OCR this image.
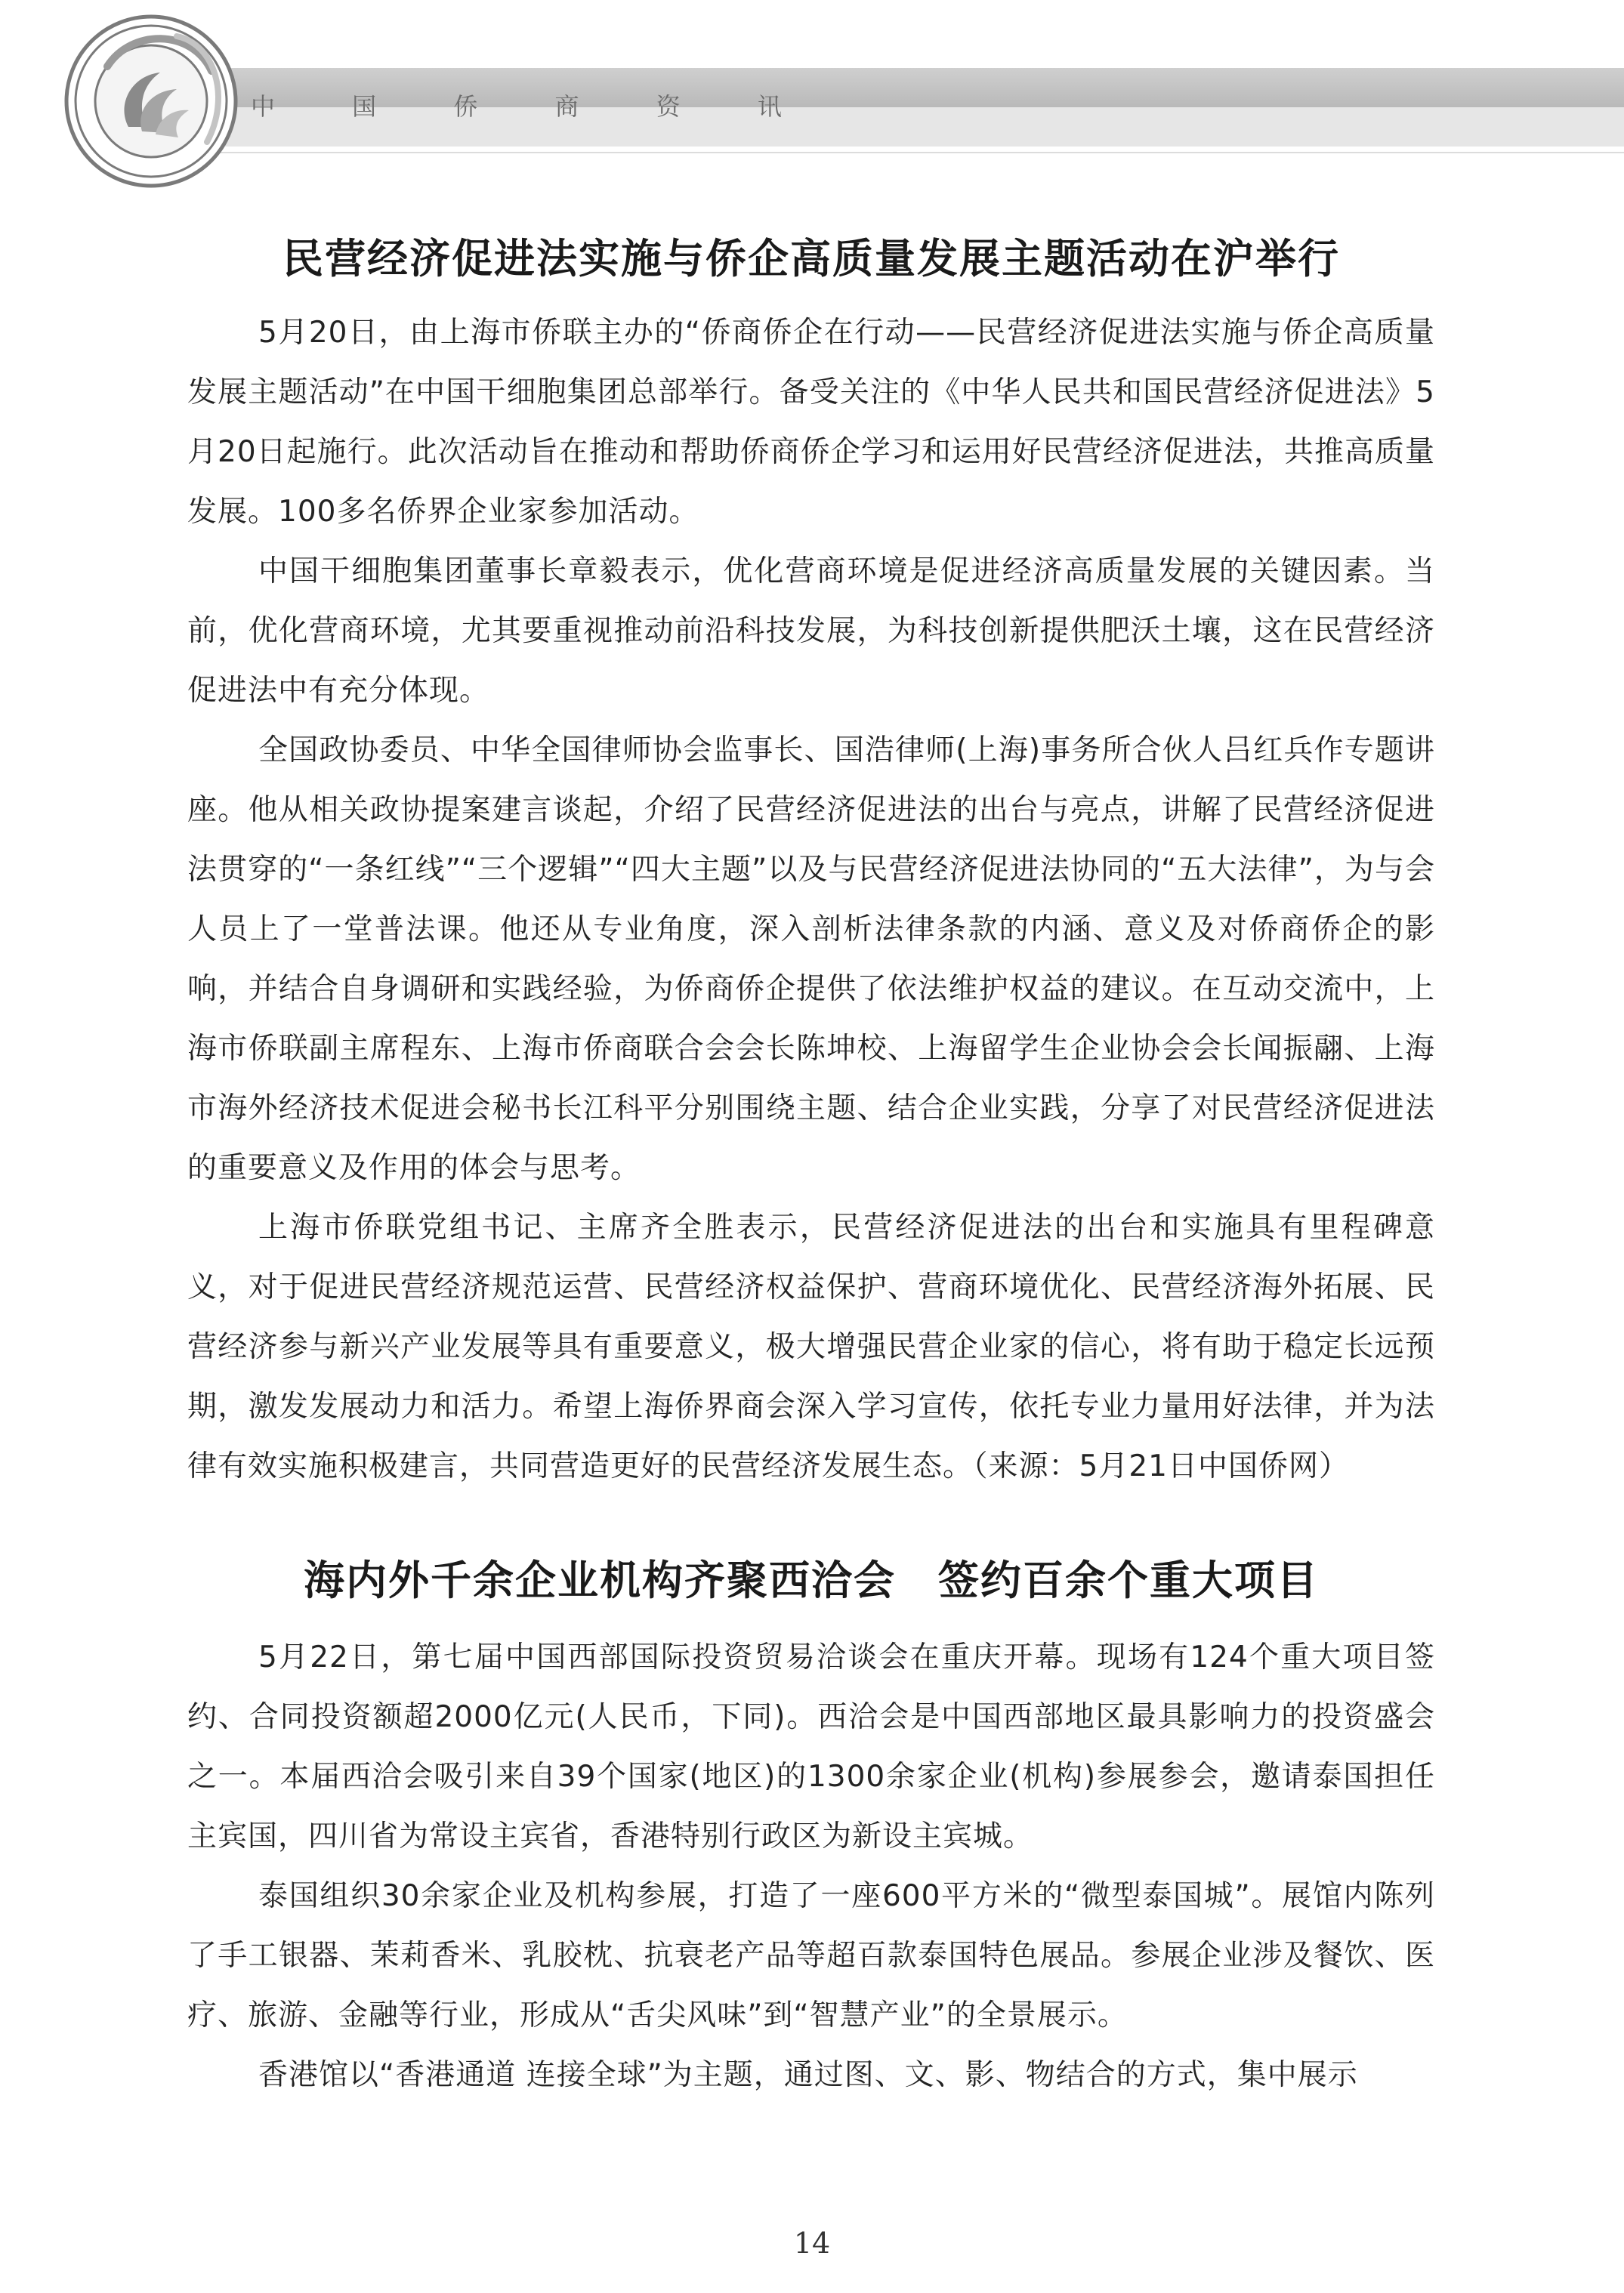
中 国 侨 商 资 讯
民营经济促进法实施与侨企高质量发展主题活动在沪举行

5月20日，由上海市侨联主办的“侨商侨企在行动——民营经济促进法实施与侨企高质量发展主题活动”在中国干细胞集团总部举行。备受关注的《中华人民共和国民营经济促进法》5月20日起施行。此次活动旨在推动和帮助侨商侨企学习和运用好民营经济促进法，共推高质量发展。100多名侨界企业家参加活动。

中国干细胞集团董事长章毅表示，优化营商环境是促进经济高质量发展的关键因素。当前，优化营商环境，尤其要重视推动前沿科技发展，为科技创新提供肥沃土壤，这在民营经济促进法中有充分体现。

全国政协委员、中华全国律师协会监事长、国浩律师(上海)事务所合伙人吕红兵作专题讲座。他从相关政协提案建言谈起，介绍了民营经济促进法的出台与亮点，讲解了民营经济促进法贯穿的“一条红线”“三个逻辑”“四大主题”以及与民营经济促进法协同的“五大法律”，为与会人员上了一堂普法课。他还从专业角度，深入剖析法律条款的内涵、意义及对侨商侨企的影响，并结合自身调研和实践经验，为侨商侨企提供了依法维护权益的建议。在互动交流中，上海市侨联副主席程东、上海市侨商联合会会长陈坤校、上海留学生企业协会会长闻振翮、上海市海外经济技术促进会秘书长江科平分别围绕主题、结合企业实践，分享了对民营经济促进法的重要意义及作用的体会与思考。

上海市侨联党组书记、主席齐全胜表示，民营经济促进法的出台和实施具有里程碑意义，对于促进民营经济规范运营、民营经济权益保护、营商环境优化、民营经济海外拓展、民营经济参与新兴产业发展等具有重要意义，极大增强民营企业家的信心，将有助于稳定长远预期，激发发展动力和活力。希望上海侨界商会深入学习宣传，依托专业力量用好法律，并为法律有效实施积极建言，共同营造更好的民营经济发展生态。（来源：5月21日中国侨网）

海内外千余企业机构齐聚西洽会 签约百余个重大项目

5月22日，第七届中国西部国际投资贸易洽谈会在重庆开幕。现场有124个重大项目签约、合同投资额超2000亿元(人民币，下同)。西洽会是中国西部地区最具影响力的投资盛会之一。本届西洽会吸引来自39个国家(地区)的1300余家企业(机构)参展参会，邀请泰国担任主宾国，四川省为常设主宾省，香港特别行政区为新设主宾城。

泰国组织30余家企业及机构参展，打造了一座600平方米的“微型泰国城”。展馆内陈列了手工银器、茉莉香米、乳胶枕、抗衰老产品等超百款泰国特色展品。参展企业涉及餐饮、医疗、旅游、金融等行业，形成从“舌尖风味”到“智慧产业”的全景展示。

香港馆以“香港通道 连接全球”为主题，通过图、文、影、物结合的方式，集中展示

14
